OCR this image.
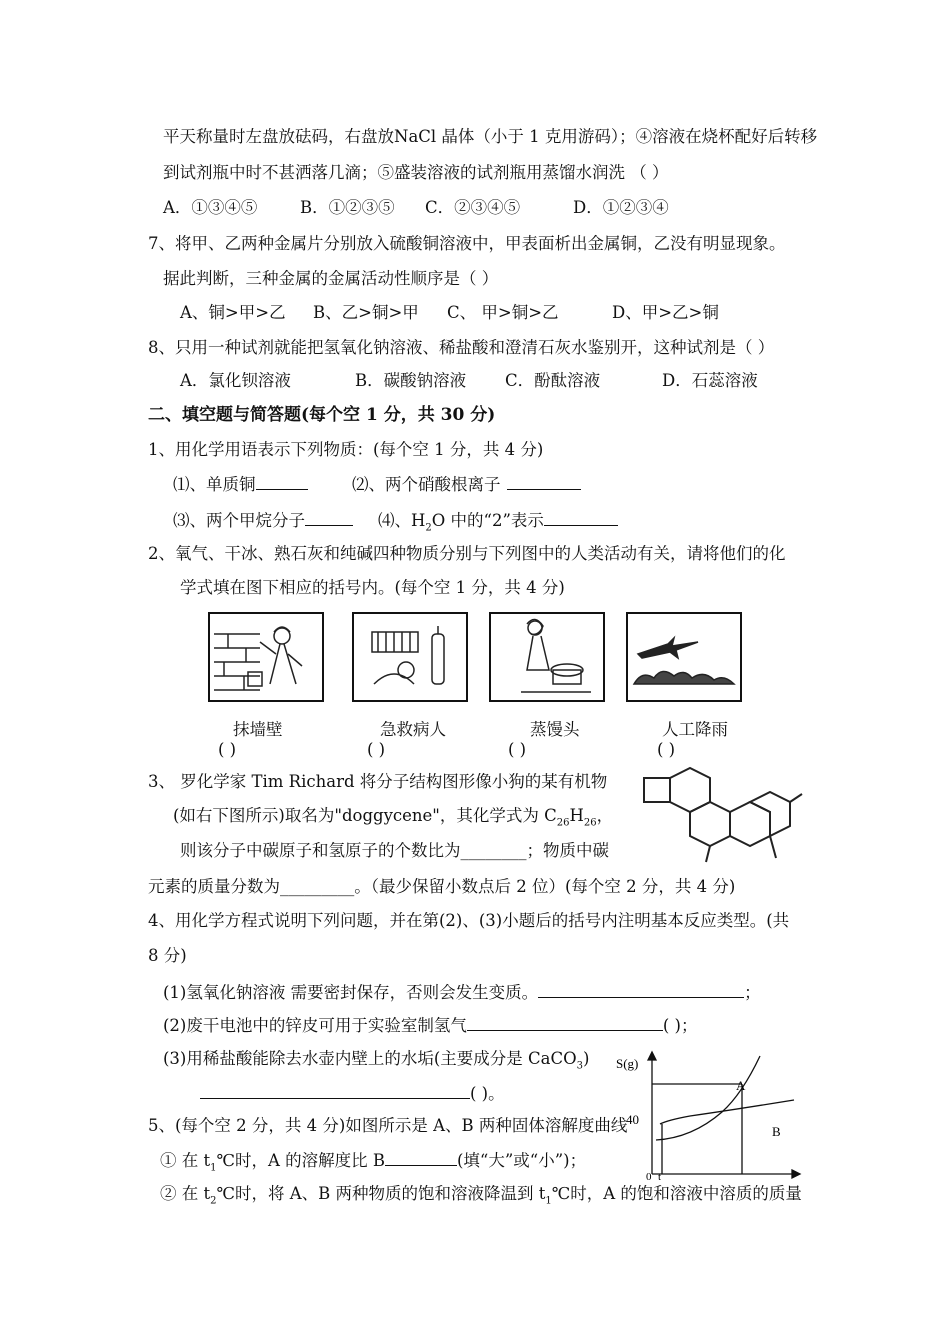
平天称量时左盘放砝码，右盘放NaCl 晶体（小于 1 克用游码）；④溶液在烧杯配好后转移
到试剂瓶中时不甚洒落几滴；⑤盛装溶液的试剂瓶用蒸馏水润洗 （ ）
A．①③④⑤	B．①②③⑤ C．②③④⑤	D．①②③④
7、将甲、乙两种金属片分别放入硫酸铜溶液中，甲表面析出金属铜，乙没有明显现象。
据此判断，三种金属的金属活动性顺序是（ ）
A、铜>甲>乙 B、乙>铜>甲 C、 甲>铜>乙	D、甲>乙>铜
8、只用一种试剂就能把氢氧化钠溶液、稀盐酸和澄清石灰水鉴别开，这种试剂是（ ）
A．氯化钡溶液	B．碳酸钠溶液 C．酚酞溶液	D．石蕊溶液
二、填空题与简答题(每个空 1 分，共 30 分)
1、用化学用语表示下列物质：(每个空 1 分，共 4 分)
⑴、单质铜	⑵、两个硝酸根离子
⑶、两个甲烷分子	⑷、$H_2O$ 中的“2”表示
2、氧气、干冰、熟石灰和纯碱四种物质分别与下列图中的人类活动有关，请将他们的化
学式填在图下相应的括号内。(每个空 1 分，共 4 分)
抹墙壁	急救病人	蒸馒头	人工降雨
( )	( )	( )	( )
3、 罗化学家 Tim Richard 将分子结构图形像小狗的某有机物
(如右下图所示)取名为"doggycene"，其化学式为 $C_{26}H_{26}$，
则该分子中碳原子和氢原子的个数比为________；物质中碳
元素的质量分数为_________。（最少保留小数点后 2 位）(每个空 2 分，共 4 分)
4、用化学方程式说明下列问题，并在第(2)、(3)小题后的括号内注明基本反应类型。(共
8 分)
(1)氢氧化钠溶液 需要密封保存，否则会发生变质。	；
(2)废干电池中的锌皮可用于实验室制氢气	( )；
(3)用稀盐酸能除去水壶内壁上的水垢(主要成分是 CaCO$_3$)
( )。
5、(每个空 2 分，共 4 分)如图所示是 A、B 两种固体溶解度曲线
① 在 $t_1℃$时，A 的溶解度比 B	(填“大”或“小”)；
② 在 $t_2℃$时，将 A、B 两种物质的饱和溶液降温到 $t_1℃$时，A 的饱和溶液中溶质的质量
S(g)
40
0 t
A
B
